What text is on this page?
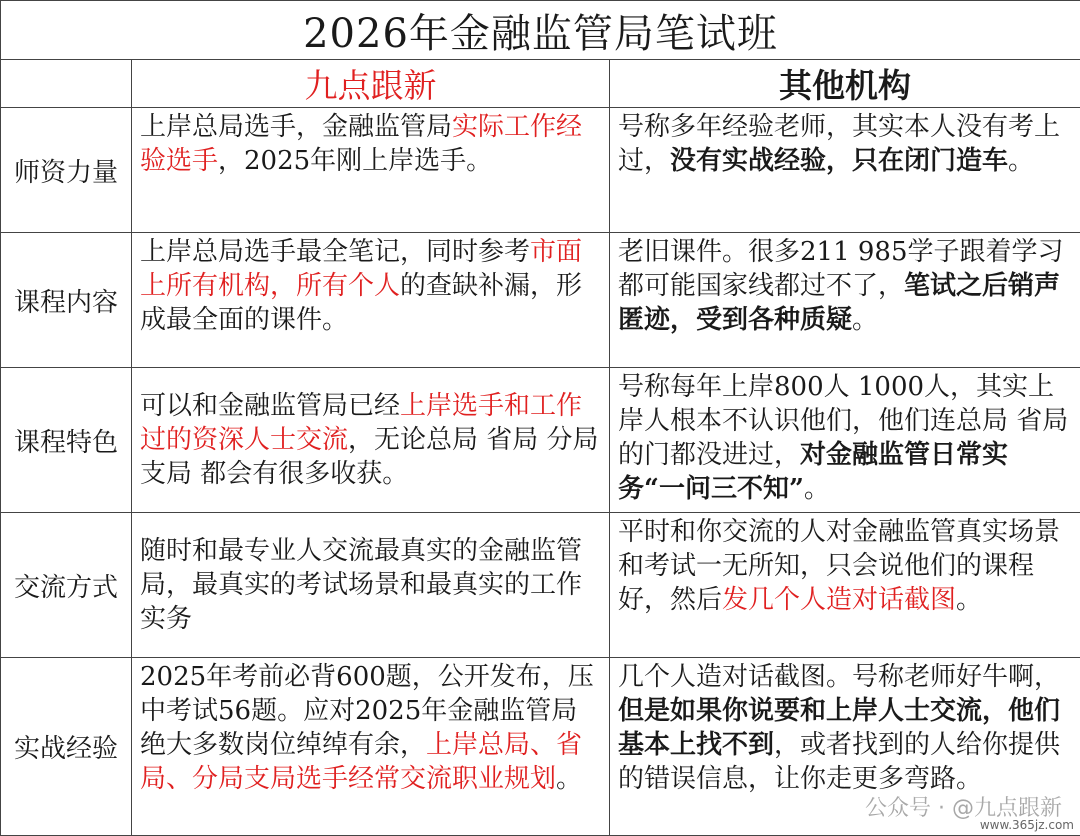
2026年金融监管局笔试班		
	九点跟新	其他机构
师资力量	上岸总局选手，金融监管局实际工作经验选手，2025年刚上岸选手。	号称多年经验老师，其实本人没有考上过，没有实战经验，只在闭门造车。
课程内容	上岸总局选手最全笔记，同时参考市面上所有机构，所有个人的查缺补漏，形成最全面的课件。	老旧课件。很多211 985学子跟着学习都可能国家线都过不了，笔试之后销声匿迹，受到各种质疑。
课程特色	可以和金融监管局已经上岸选手和工作过的资深人士交流，无论总局 省局 分局 支局 都会有很多收获。	号称每年上岸800人 1000人，其实上岸人根本不认识他们，他们连总局 省局的门都没进过，对金融监管日常实务“一问三不知”。
交流方式	随时和最专业人交流最真实的金融监管局，最真实的考试场景和最真实的工作实务	平时和你交流的人对金融监管真实场景和考试一无所知，只会说他们的课程好，然后发几个人造对话截图。
实战经验	2025年考前必背600题，公开发布，压中考试56题。应对2025年金融监管局绝大多数岗位绰绰有余，上岸总局、省局、分局支局选手经常交流职业规划。	几个人造对话截图。号称老师好牛啊，但是如果你说要和上岸人士交流，他们基本上找不到，或者找到的人给你提供的错误信息，让你走更多弯路。
公众号 · @九点跟新
www.365jz.com
